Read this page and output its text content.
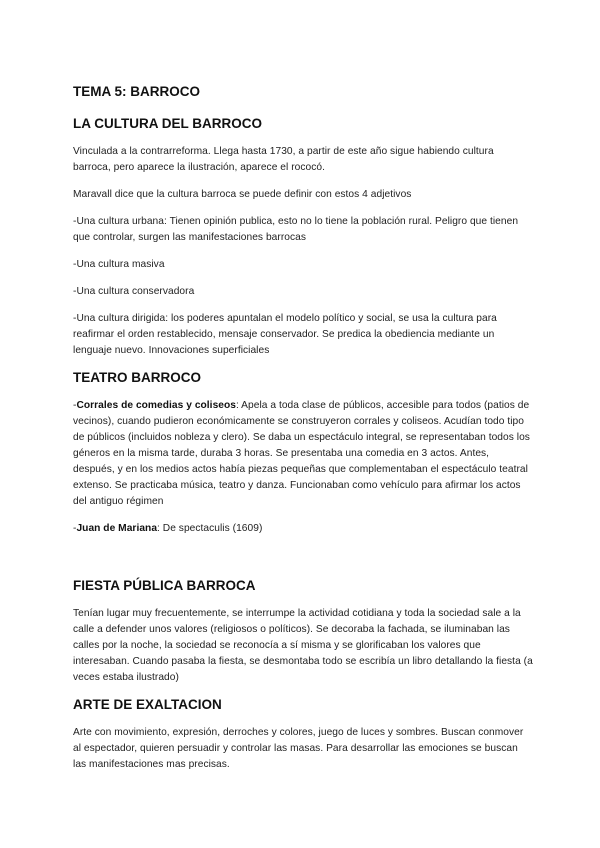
TEMA 5: BARROCO
LA CULTURA DEL BARROCO

Vinculada a la contrarreforma. Llega hasta 1730, a partir de este año sigue habiendo cultura barroca, pero aparece la ilustración, aparece el rococó.

Maravall dice que la cultura barroca se puede definir con estos 4 adjetivos

-Una cultura urbana: Tienen opinión publica, esto no lo tiene la población rural. Peligro que tienen que controlar, surgen las manifestaciones barrocas

-Una cultura masiva

-Una cultura conservadora

-Una cultura dirigida: los poderes apuntalan el modelo político y social, se usa la cultura para reafirmar el orden restablecido, mensaje conservador. Se predica la obediencia mediante un lenguaje nuevo. Innovaciones superficiales

TEATRO BARROCO

-Corrales de comedias y coliseos: Apela a toda clase de públicos, accesible para todos (patios de vecinos), cuando pudieron económicamente se construyeron corrales y coliseos. Acudían todo tipo de públicos (incluidos nobleza y clero). Se daba un espectáculo integral, se representaban todos los géneros en la misma tarde, duraba 3 horas. Se presentaba una comedia en 3 actos. Antes, después, y en los medios actos había piezas pequeñas que complementaban el espectáculo teatral extenso. Se practicaba música, teatro y danza. Funcionaban como vehículo para afirmar los actos del antiguo régimen

-Juan de Mariana: De spectaculis (1609)

FIESTA PÚBLICA BARROCA

Tenían lugar muy frecuentemente, se interrumpe la actividad cotidiana y toda la sociedad sale a la calle a defender unos valores (religiosos o políticos). Se decoraba la fachada, se iluminaban las calles por la noche, la sociedad se reconocía a sí misma y se glorificaban los valores que interesaban. Cuando pasaba la fiesta, se desmontaba todo se escribía un libro detallando la fiesta (a veces estaba ilustrado)

ARTE DE EXALTACION

Arte con movimiento, expresión, derroches y colores, juego de luces y sombres. Buscan conmover al espectador, quieren persuadir y controlar las masas. Para desarrollar las emociones se buscan las manifestaciones mas precisas.
